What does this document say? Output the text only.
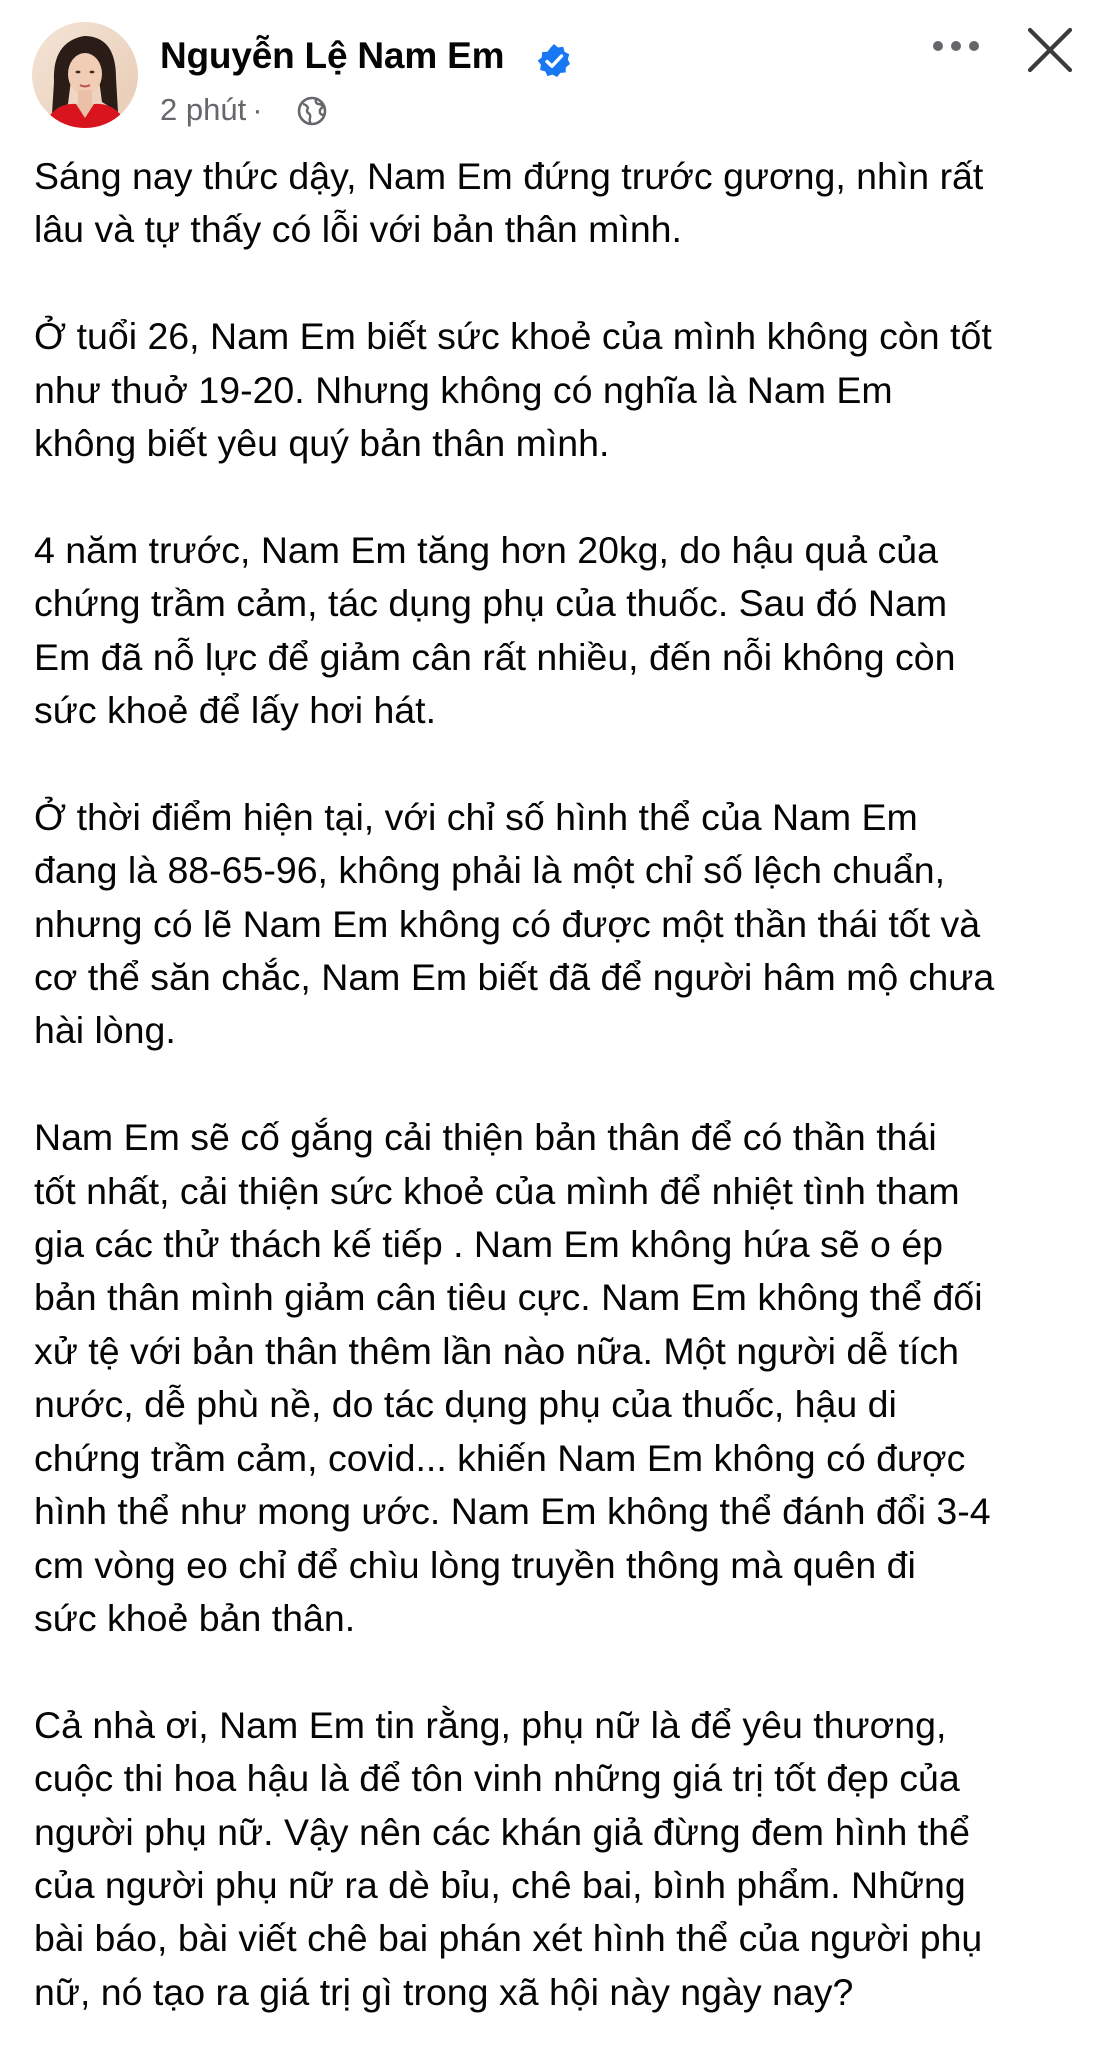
Nguyễn Lệ Nam Em
2 phút ·

Sáng nay thức dậy, Nam Em đứng trước gương, nhìn rất
lâu và tự thấy có lỗi với bản thân mình.

Ở tuổi 26, Nam Em biết sức khoẻ của mình không còn tốt
như thuở 19-20. Nhưng không có nghĩa là Nam Em
không biết yêu quý bản thân mình.

4 năm trước, Nam Em tăng hơn 20kg, do hậu quả của
chứng trầm cảm, tác dụng phụ của thuốc. Sau đó Nam
Em đã nỗ lực để giảm cân rất nhiều, đến nỗi không còn
sức khoẻ để lấy hơi hát.

Ở thời điểm hiện tại, với chỉ số hình thể của Nam Em
đang là 88-65-96, không phải là một chỉ số lệch chuẩn,
nhưng có lẽ Nam Em không có được một thần thái tốt và
cơ thể săn chắc, Nam Em biết đã để người hâm mộ chưa
hài lòng.

Nam Em sẽ cố gắng cải thiện bản thân để có thần thái
tốt nhất, cải thiện sức khoẻ của mình để nhiệt tình tham
gia các thử thách kế tiếp . Nam Em không hứa sẽ o ép
bản thân mình giảm cân tiêu cực. Nam Em không thể đối
xử tệ với bản thân thêm lần nào nữa. Một người dễ tích
nước, dễ phù nề, do tác dụng phụ của thuốc, hậu di
chứng trầm cảm, covid... khiến Nam Em không có được
hình thể như mong ước. Nam Em không thể đánh đổi 3-4
cm vòng eo chỉ để chìu lòng truyền thông mà quên đi
sức khoẻ bản thân.

Cả nhà ơi, Nam Em tin rằng, phụ nữ là để yêu thương,
cuộc thi hoa hậu là để tôn vinh những giá trị tốt đẹp của
người phụ nữ. Vậy nên các khán giả đừng đem hình thể
của người phụ nữ ra dè bỉu, chê bai, bình phẩm. Những
bài báo, bài viết chê bai phán xét hình thể của người phụ
nữ, nó tạo ra giá trị gì trong xã hội này ngày nay?
